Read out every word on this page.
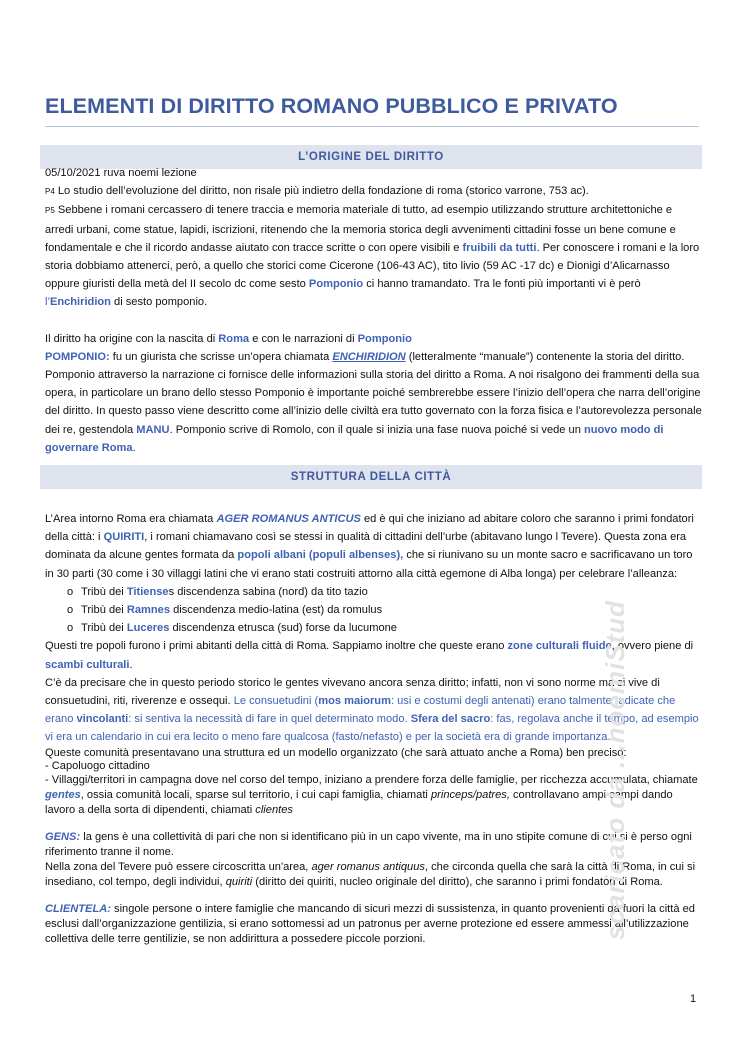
ELEMENTI DI DIRITTO ROMANO PUBBLICO E PRIVATO
L’ORIGINE DEL DIRITTO

05/10/2021 ruva noemi lezione

P4 Lo studio dell’evoluzione del diritto, non risale più indietro della fondazione di roma (storico varrone, 753 ac).

P5 Sebbene i romani cercassero di tenere traccia e memoria materiale di tutto, ad esempio utilizzando strutture architettoniche e arredi urbani, come statue, lapidi, iscrizioni, ritenendo che la memoria storica degli avvenimenti cittadini fosse un bene comune e fondamentale e che il ricordo andasse aiutato con tracce scritte o con opere visibili e fruibili da tutti. Per conoscere i romani e la loro storia dobbiamo attenerci, però, a quello che storici come Cicerone (106-43 AC), tito livio (59 AC -17 dc) e Dionigi d’Alicarnasso oppure giuristi della metà del II secolo dc come sesto Pomponio ci hanno tramandato. Tra le fonti più importanti vi è però l’Enchiridion di sesto pomponio.

Il diritto ha origine con la nascita di Roma e con le narrazioni di Pomponio

POMPONIO: fu un giurista che scrisse un’opera chiamata ENCHIRIDION (letteralmente “manuale”) contenente la storia del diritto. Pomponio attraverso la narrazione ci fornisce delle informazioni sulla storia del diritto a Roma. A noi risalgono dei frammenti della sua opera, in particolare un brano dello stesso Pomponio è importante poiché sembrerebbe essere l’inizio dell’opera che narra dell’origine del diritto. In questo passo viene descritto come all’inizio delle civiltà era tutto governato con la forza fisica e l’autorevolezza personale dei re, gestendola MANU. Pomponio scrive di Romolo, con il quale si inizia una fase nuova poiché si vede un nuovo modo di governare Roma.

STRUTTURA DELLA CITTÀ

L’Area intorno Roma era chiamata AGER ROMANUS ANTICUS ed è qui che iniziano ad abitare coloro che saranno i primi fondatori della città: i QUIRITI, i romani chiamavano così se stessi in qualità di cittadini dell’urbe (abitavano lungo l Tevere). Questa zona era dominata da alcune gentes formata da popoli albani (populi albenses), che si riunivano su un monte sacro e sacrificavano un toro in 30 parti (30 come i 30 villaggi latini che vi erano stati costruiti attorno alla città egemone di Alba longa) per celebrare l’alleanza:

o Tribù dei Titienses discendenza sabina (nord) da tito tazio
o Tribù dei Ramnes discendenza medio-latina (est) da romulus
o Tribù dei Luceres discendenza etrusca (sud) forse da lucumone

Questi tre popoli furono i primi abitanti della città di Roma. Sappiamo inoltre che queste erano zone culturali fluide, ovvero piene di scambi culturali.

C’è da precisare che in questo periodo storico le gentes vivevano ancora senza diritto; infatti, non vi sono norme ma si vive di consuetudini, riti, riverenze e ossequi. Le consuetudini (mos maiorum: usi e costumi degli antenati) erano talmente radicate che erano vincolanti: si sentiva la necessità di fare in quel determinato modo. Sfera del sacro: fas, regolava anche il tempo, ad esempio vi era un calendario in cui era lecito o meno fare qualcosa (fasto/nefasto) e per la società era di grande importanza.

Queste comunità presentavano una struttura ed un modello organizzato (che sarà attuato anche a Roma) ben preciso:

- Capoluogo cittadino

- Villaggi/territori in campagna dove nel corso del tempo, iniziano a prendere forza delle famiglie, per ricchezza accumulata, chiamate gentes, ossia comunità locali, sparse sul territorio, i cui capi famiglia, chiamati princeps/patres, controllavano ampi campi dando lavoro a della sorta di dipendenti, chiamati clientes

GENS: la gens è una collettività di pari che non si identificano più in un capo vivente, ma in uno stipite comune di cui si è perso ogni riferimento tranne il nome.

Nella zona del Tevere può essere circoscritta un'area, ager romanus antiquus, che circonda quella che sarà la città di Roma, in cui si insediano, col tempo, degli individui, quiriti (diritto dei quiriti, nucleo originale del diritto), che saranno i primi fondatori di Roma.

CLIENTELA: singole persone o intere famiglie che mancando di sicuri mezzi di sussistenza, in quanto provenienti da fuori la città ed esclusi dall’organizzazione gentilizia, si erano sottomessi ad un patronus per averne protezione ed essere ammessi all’utilizzazione collettiva delle terre gentilizie, se non addirittura a possedere piccole porzioni.	scaricato da ...noemiStud
1
